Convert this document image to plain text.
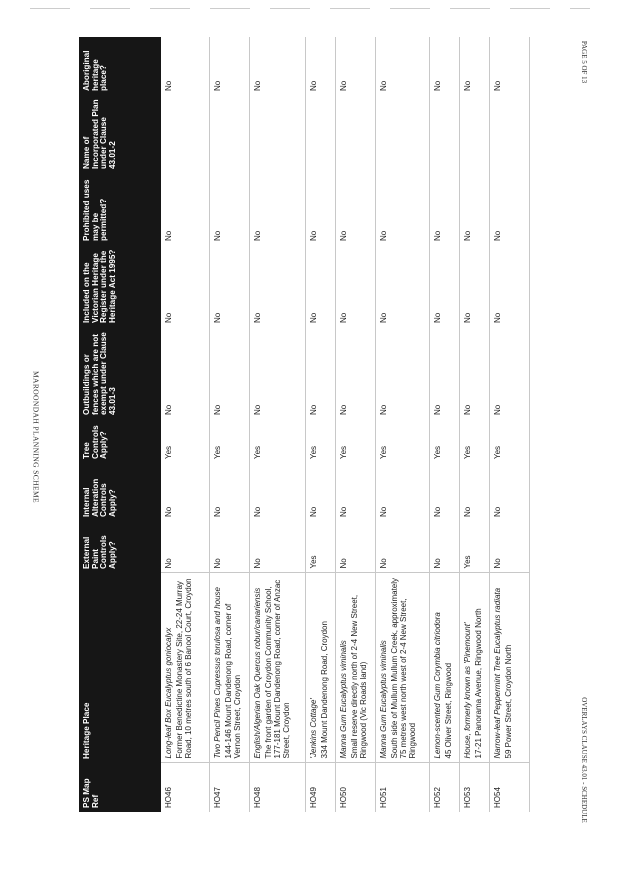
MAROONDAH PLANNING SCHEME
PS Map Ref	Heritage Place	External Paint Controls Apply?	Internal Alteration Controls Apply?	Tree Controls Apply?	Outbuildings or fences which are not exempt under Clause 43.01-3	Included on the Victorian Heritage Register under the Heritage Act 1995?	Prohibited uses may be permitted?	Name of Incorporated Plan under Clause 43.01-2	Aboriginal heritage place?
HO46	Long-leaf Box Eucalyptus goniocalyx Former Benedictine Monastery Site, 22-24 Murray Road, 10 metres south of 6 Banool Court, Croydon	No	No	Yes	No	No	No		No
HO47	Two Pencil Pines Cupressus torulosa and house 144-146 Mount Dandenong Road, corner of Vernon Street, Croydon	No	No	Yes	No	No	No		No
HO48	English/Algerian Oak Quercus robur/canariensis The front garden of Croydon Community School, 177-181 Mount Dandenong Road, corner of Anzac Street, Croydon	No	No	Yes	No	No	No		No
HO49	'Jenkins Cottage' 334 Mount Dandenong Road, Croydon	Yes	No	Yes	No	No	No		No
HO50	Manna Gum Eucalyptus viminalis Small reserve directly north of 2-4 New Street, Ringwood (Vic Roads land)	No	No	Yes	No	No	No		No
HO51	Manna Gum Eucalyptus viminalis South side of Mullum Mullum Creek, approximately 75 metres west north west of 2-4 New Street, Ringwood	No	No	Yes	No	No	No		No
HO52	Lemon-scented Gum Corymbia citriodora 45 Oliver Street, Ringwood	No	No	Yes	No	No	No		No
HO53	House, formerly known as 'Pinemount' 17-21 Panorama Avenue, Ringwood North	Yes	No	Yes	No	No	No		No
HO54	Narrow-leaf Peppermint Tree Eucalyptus radiata 59 Power Street, Croydon North	No	No	Yes	No	No	No		No
OVERLAYS CLAUSE 43.01 - SCHEDULE
PAGE 5 OF 13
